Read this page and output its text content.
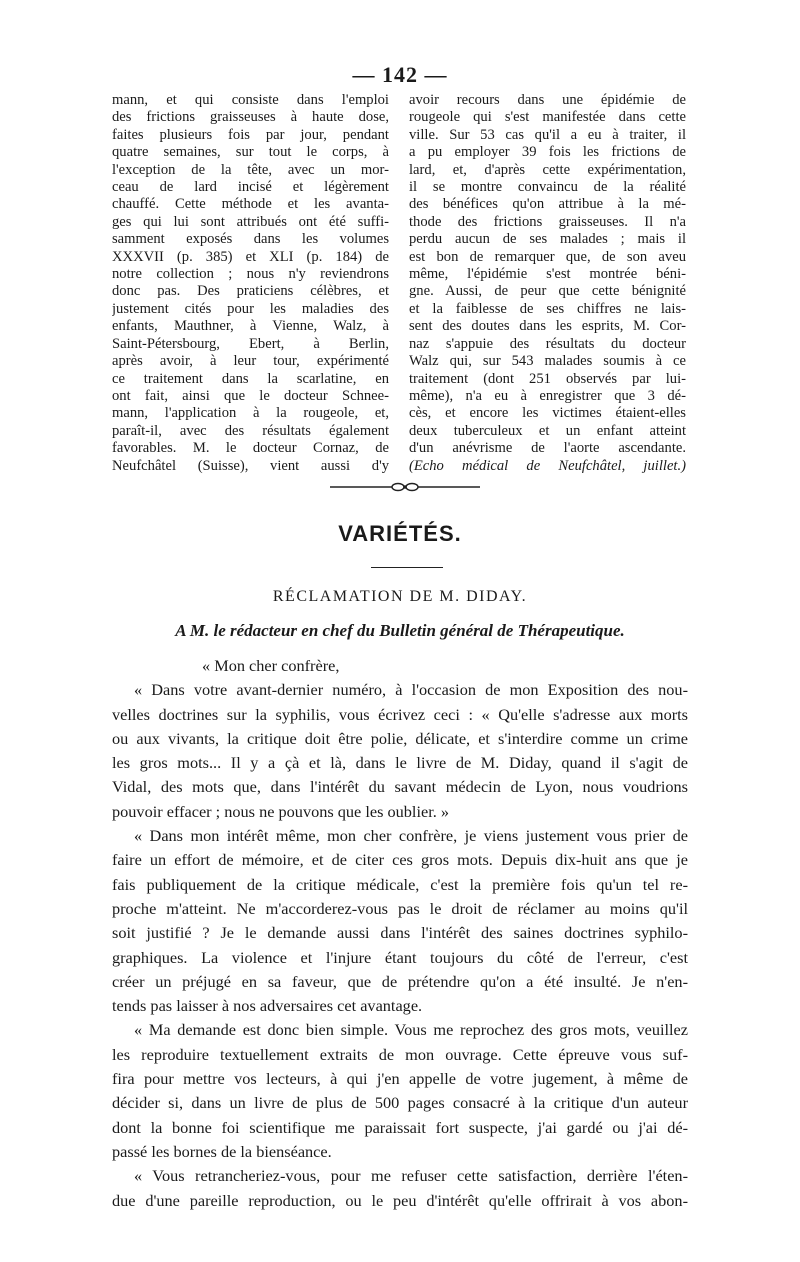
— 142 —
mann, et qui consiste dans l'emploi
des frictions graisseuses à haute dose,
faites plusieurs fois par jour, pendant
quatre semaines, sur tout le corps, à
l'exception de la tête, avec un mor-
ceau de lard incisé et légèrement
chauffé. Cette méthode et les avanta-
ges qui lui sont attribués ont été suffi-
samment exposés dans les volumes
XXXVII (p. 385) et XLI (p. 184) de
notre collection ; nous n'y reviendrons
donc pas. Des praticiens célèbres, et
justement cités pour les maladies des
enfants, Mauthner, à Vienne, Walz, à
Saint-Pétersbourg, Ebert, à Berlin,
après avoir, à leur tour, expérimenté
ce traitement dans la scarlatine, en
ont fait, ainsi que le docteur Schnee-
mann, l'application à la rougeole, et,
paraît-il, avec des résultats également
favorables. M. le docteur Cornaz, de
Neufchâtel (Suisse), vient aussi d'y
avoir recours dans une épidémie de
rougeole qui s'est manifestée dans cette
ville. Sur 53 cas qu'il a eu à traiter, il
a pu employer 39 fois les frictions de
lard, et, d'après cette expérimentation,
il se montre convaincu de la réalité
des bénéfices qu'on attribue à la mé-
thode des frictions graisseuses. Il n'a
perdu aucun de ses malades ; mais il
est bon de remarquer que, de son aveu
même, l'épidémie s'est montrée béni-
gne. Aussi, de peur que cette bénignité
et la faiblesse de ses chiffres ne lais-
sent des doutes dans les esprits, M. Cor-
naz s'appuie des résultats du docteur
Walz qui, sur 543 malades soumis à ce
traitement (dont 251 observés par lui-
même), n'a eu à enregistrer que 3 dé-
cès, et encore les victimes étaient-elles
deux tuberculeux et un enfant atteint
d'un anévrisme de l'aorte ascendante.
(Echo médical de Neufchâtel, juillet.)
VARIÉTÉS.
RÉCLAMATION DE M. DIDAY.
A M. le rédacteur en chef du Bulletin général de Thérapeutique.
« Mon cher confrère,
« Dans votre avant-dernier numéro, à l'occasion de mon Exposition des nou-
velles doctrines sur la syphilis, vous écrivez ceci : « Qu'elle s'adresse aux morts
ou aux vivants, la critique doit être polie, délicate, et s'interdire comme un crime
les gros mots... Il y a çà et là, dans le livre de M. Diday, quand il s'agit de
Vidal, des mots que, dans l'intérêt du savant médecin de Lyon, nous voudrions
pouvoir effacer ; nous ne pouvons que les oublier. »
« Dans mon intérêt même, mon cher confrère, je viens justement vous prier de
faire un effort de mémoire, et de citer ces gros mots. Depuis dix-huit ans que je
fais publiquement de la critique médicale, c'est la première fois qu'un tel re-
proche m'atteint. Ne m'accorderez-vous pas le droit de réclamer au moins qu'il
soit justifié ? Je le demande aussi dans l'intérêt des saines doctrines syphilo-
graphiques. La violence et l'injure étant toujours du côté de l'erreur, c'est
créer un préjugé en sa faveur, que de prétendre qu'on a été insulté. Je n'en-
tends pas laisser à nos adversaires cet avantage.
« Ma demande est donc bien simple. Vous me reprochez des gros mots, veuillez
les reproduire textuellement extraits de mon ouvrage. Cette épreuve vous suf-
fira pour mettre vos lecteurs, à qui j'en appelle de votre jugement, à même de
décider si, dans un livre de plus de 500 pages consacré à la critique d'un auteur
dont la bonne foi scientifique me paraissait fort suspecte, j'ai gardé ou j'ai dé-
passé les bornes de la bienséance.
« Vous retrancheriez-vous, pour me refuser cette satisfaction, derrière l'éten-
due d'une pareille reproduction, ou le peu d'intérêt qu'elle offrirait à vos abon-
